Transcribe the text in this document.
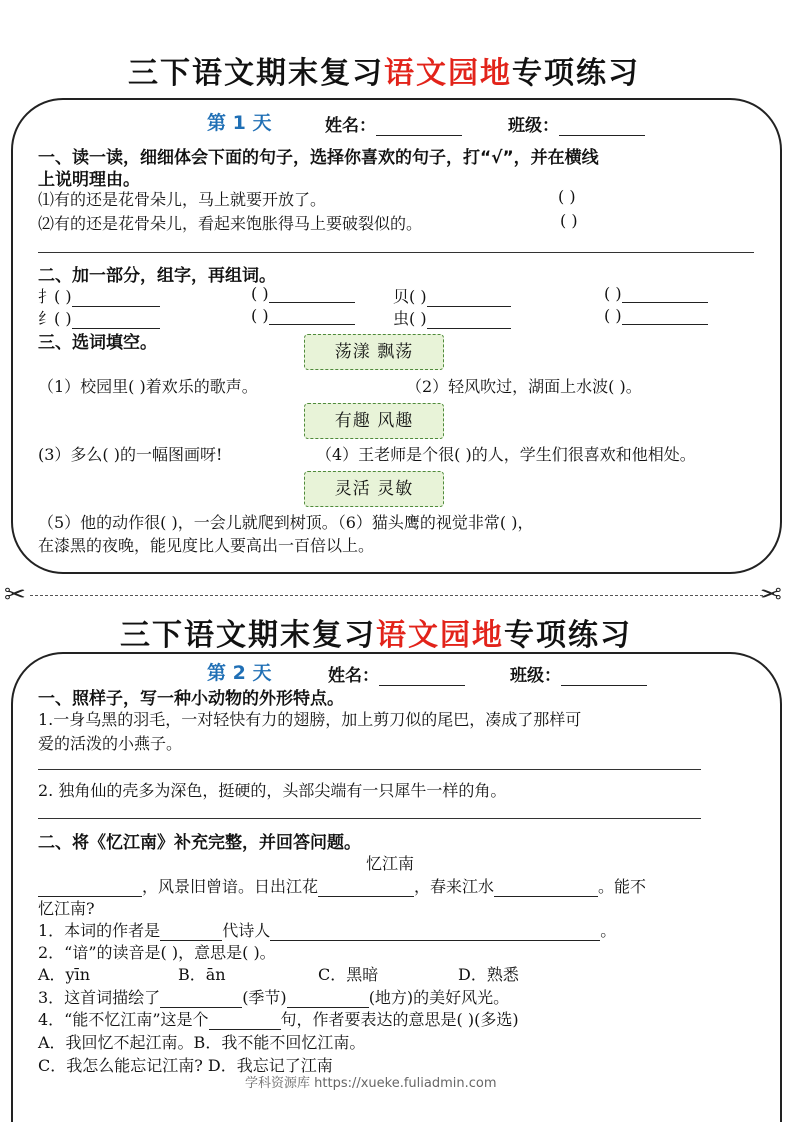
三下语文期末复习语文园地专项练习
第 1 天	姓名：	班级：
一、读一读，细细体会下面的句子，选择你喜欢的句子，打“√”，并在横线
上说明理由。
⑴有的还是花骨朵儿，马上就要开放了。	( )
⑵有的还是花骨朵儿，看起来饱胀得马上要破裂似的。	( )
二、加一部分，组字，再组词。
扌( )	( )	贝( )	( )
纟( )	( )	虫( )	( )
三、选词填空。	荡漾 飘荡
（1）校园里( )着欢乐的歌声。	（2）轻风吹过，湖面上水波( )。
有趣 风趣
(3）多么( )的一幅图画呀!	（4）王老师是个很( )的人，学生们很喜欢和他相处。
灵活 灵敏
（5）他的动作很( )，一会儿就爬到树顶。（6）猫头鹰的视觉非常( )，
在漆黑的夜晚，能见度比人要高出一百倍以上。
✂	✂
三下语文期末复习语文园地专项练习
第 2 天	姓名：	班级：
一、照样子，写一种小动物的外形特点。
1.一身乌黑的羽毛，一对轻快有力的翅膀，加上剪刀似的尾巴，凑成了那样可
爱的活泼的小燕子。
2. 独角仙的壳多为深色，挺硬的，头部尖端有一只犀牛一样的角。
二、将《忆江南》补充完整，并回答问题。
忆江南
，风景旧曾谙。日出江花	，春来江水	。能不
忆江南?
1．本词的作者是	代诗人	。
2．“谙”的读音是( )，意思是( )。
A．yīn	B．ān	C．黑暗	D．熟悉
3．这首词描绘了	(季节)	(地方)的美好风光。
4．“能不忆江南”这是个	句，作者要表达的意思是( )(多选)
A．我回忆不起江南。B．我不能不回忆江南。
C．我怎么能忘记江南? D．我忘记了江南
学科资源库 https://xueke.fuliadmin.com
